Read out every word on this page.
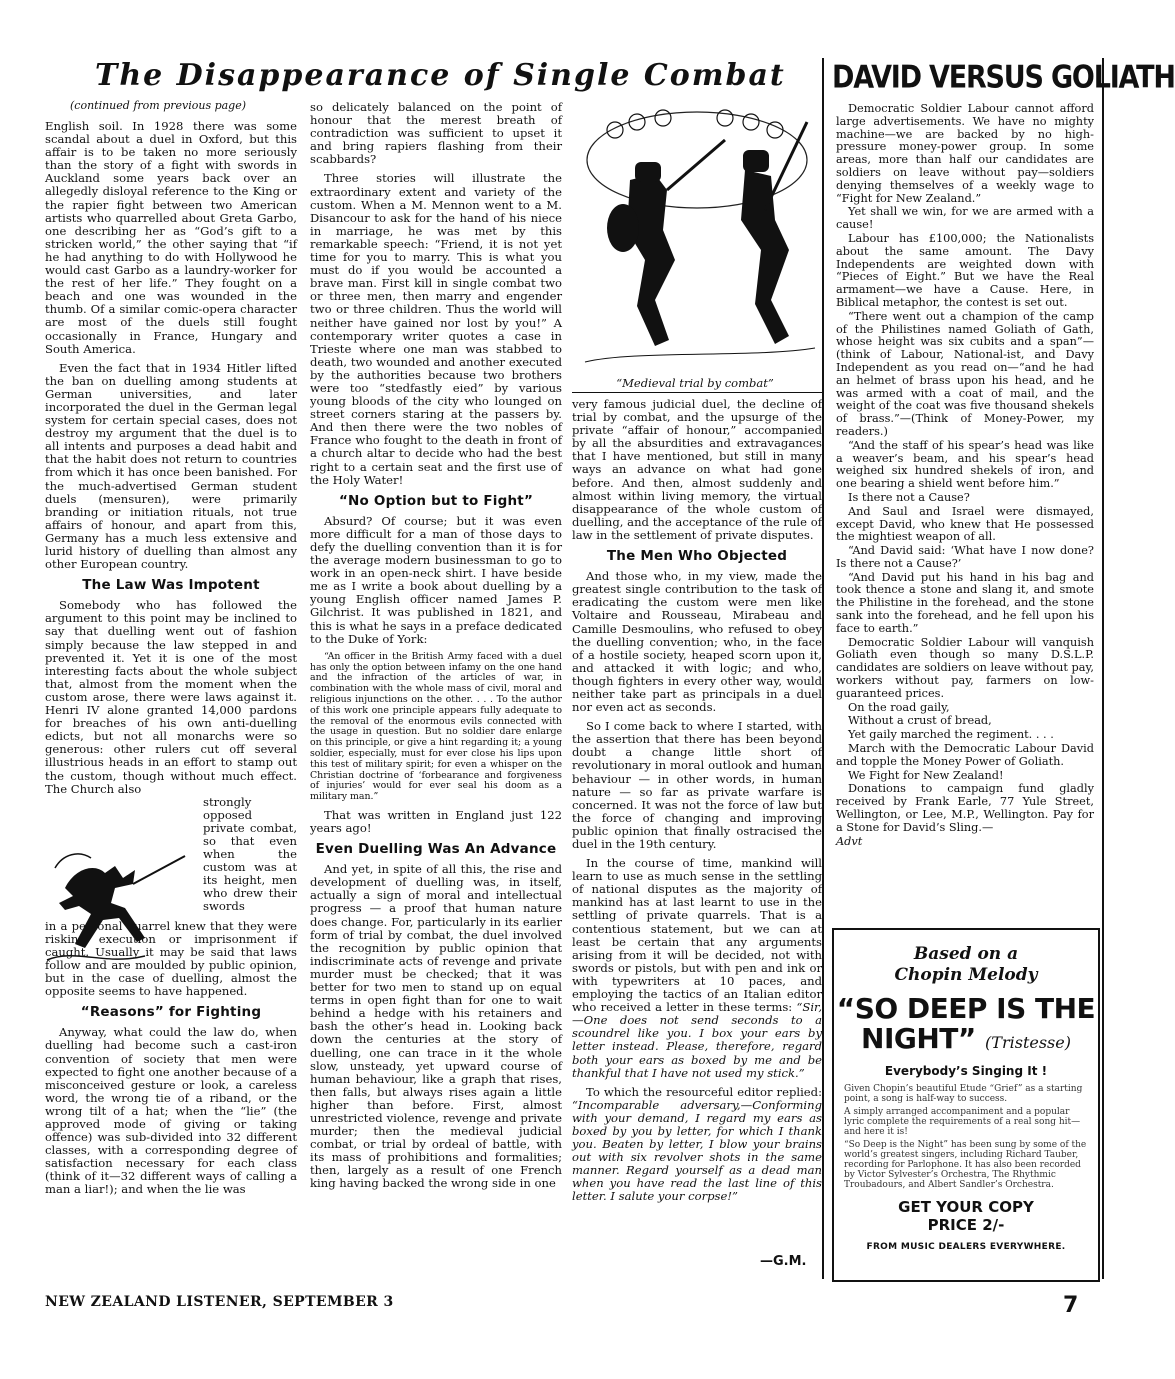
The Disappearance of Single Combat
(continued from previous page)

English soil. In 1928 there was some scandal about a duel in Oxford, but this affair is to be taken no more seriously than the story of a fight with swords in Auckland some years back over an allegedly disloyal reference to the King or the rapier fight between two American artists who quarrelled about Greta Garbo, one describing her as “God’s gift to a stricken world,” the other saying that “if he had anything to do with Hollywood he would cast Garbo as a laundry-worker for the rest of her life.” They fought on a beach and one was wounded in the thumb. Of a similar comic-opera character are most of the duels still fought occasionally in France, Hungary and South America.

Even the fact that in 1934 Hitler lifted the ban on duelling among students at German universities, and later incorporated the duel in the German legal system for certain special cases, does not destroy my argument that the duel is to all intents and purposes a dead habit and that the habit does not return to countries from which it has once been banished. For the much-advertised German student duels (mensuren), were primarily branding or initiation rituals, not true affairs of honour, and apart from this, Germany has a much less extensive and lurid history of duelling than almost any other European country.

The Law Was Impotent

Somebody who has followed the argument to this point may be inclined to say that duelling went out of fashion simply because the law stepped in and prevented it. Yet it is one of the most interesting facts about the whole subject that, almost from the moment when the custom arose, there were laws against it. Henri IV alone granted 14,000 pardons for breaches of his own anti-duelling edicts, but not all monarchs were so generous: other rulers cut off several illustrious heads in an effort to stamp out the custom, though without much effect. The Church also

strongly opposed private combat, so that even when the custom was at its height, men who drew their swords

in a personal quarrel knew that they were risking execution or imprisonment if caught. Usually it may be said that laws follow and are moulded by public opinion, but in the case of duelling, almost the opposite seems to have happened.

“Reasons” for Fighting

Anyway, what could the law do, when duelling had become such a cast-iron convention of society that men were expected to fight one another because of a misconceived gesture or look, a careless word, the wrong tie of a riband, or the wrong tilt of a hat; when the “lie” (the approved mode of giving or taking offence) was sub-divided into 32 different classes, with a corresponding degree of satisfaction necessary for each class (think of it—32 different ways of calling a man a liar!); and when the lie was

so delicately balanced on the point of honour that the merest breath of contradiction was sufficient to upset it and bring rapiers flashing from their scabbards?

Three stories will illustrate the extraordinary extent and variety of the custom. When a M. Mennon went to a M. Disancour to ask for the hand of his niece in marriage, he was met by this remarkable speech: “Friend, it is not yet time for you to marry. This is what you must do if you would be accounted a brave man. First kill in single combat two or three men, then marry and engender two or three children. Thus the world will neither have gained nor lost by you!” A contemporary writer quotes a case in Trieste where one man was stabbed to death, two wounded and another executed by the authorities because two brothers were too “stedfastly eied” by various young bloods of the city who lounged on street corners staring at the passers by. And then there were the two nobles of France who fought to the death in front of a church altar to decide who had the best right to a certain seat and the first use of the Holy Water!

“No Option but to Fight”

Absurd? Of course; but it was even more difficult for a man of those days to defy the duelling convention than it is for the average modern businessman to go to work in an open-neck shirt. I have beside me as I write a book about duelling by a young English officer named James P. Gilchrist. It was published in 1821, and this is what he says in a preface dedicated to the Duke of York:

“An officer in the British Army faced with a duel has only the option between infamy on the one hand and the infraction of the articles of war, in combination with the whole mass of civil, moral and religious injunctions on the other. . . . To the author of this work one principle appears fully adequate to the removal of the enormous evils connected with the usage in question. But no soldier dare enlarge on this principle, or give a hint regarding it; a young soldier, especially, must for ever close his lips upon this test of military spirit; for even a whisper on the Christian doctrine of ‘forbearance and forgiveness of injuries’ would for ever seal his doom as a military man.”

That was written in England just 122 years ago!

Even Duelling Was An Advance

And yet, in spite of all this, the rise and development of duelling was, in itself, actually a sign of moral and intellectual progress — a proof that human nature does change. For, particularly in its earlier form of trial by combat, the duel involved the recognition by public opinion that indiscriminate acts of revenge and private murder must be checked; that it was better for two men to stand up on equal terms in open fight than for one to wait behind a hedge with his retainers and bash the other’s head in. Looking back down the centuries at the story of duelling, one can trace in it the whole slow, unsteady, yet upward course of human behaviour, like a graph that rises, then falls, but always rises again a little higher than before. First, almost unrestricted violence, revenge and private murder; then the medieval judicial combat, or trial by ordeal of battle, with its mass of prohibitions and formalities; then, largely as a result of one French king having backed the wrong side in one

“Medieval trial by combat”

very famous judicial duel, the decline of trial by combat, and the upsurge of the private “affair of honour,” accompanied by all the absurdities and extravagances that I have mentioned, but still in many ways an advance on what had gone before. And then, almost suddenly and almost within living memory, the virtual disappearance of the whole custom of duelling, and the acceptance of the rule of law in the settlement of private disputes.

The Men Who Objected

And those who, in my view, made the greatest single contribution to the task of eradicating the custom were men like Voltaire and Rousseau, Mirabeau and Camille Desmoulins, who refused to obey the duelling convention; who, in the face of a hostile society, heaped scorn upon it, and attacked it with logic; and who, though fighters in every other way, would neither take part as principals in a duel nor even act as seconds.

So I come back to where I started, with the assertion that there has been beyond doubt a change little short of revolutionary in moral outlook and human behaviour — in other words, in human nature — so far as private warfare is concerned. It was not the force of law but the force of changing and improving public opinion that finally ostracised the duel in the 19th century.

In the course of time, mankind will learn to use as much sense in the settling of national disputes as the majority of mankind has at last learnt to use in the settling of private quarrels. That is a contentious statement, but we can at least be certain that any arguments arising from it will be decided, not with swords or pistols, but with pen and ink or with typewriters at 10 paces, and employing the tactics of an Italian editor who received a letter in these terms: “Sir,—One does not send seconds to a scoundrel like you. I box your ears by letter instead. Please, therefore, regard both your ears as boxed by me and be thankful that I have not used my stick.”

To which the resourceful editor replied: “Incomparable adversary,—Conforming with your demand, I regard my ears as boxed by you by letter, for which I thank you. Beaten by letter, I blow your brains out with six revolver shots in the same manner. Regard yourself as a dead man when you have read the last line of this letter. I salute your corpse!”

—G.M.
DAVID VERSUS GOLIATH

Democratic Soldier Labour cannot afford large advertisements. We have no mighty machine—we are backed by no high-pressure money-power group. In some areas, more than half our candidates are soldiers on leave without pay—soldiers denying themselves of a weekly wage to “Fight for New Zealand.”

Yet shall we win, for we are armed with a cause!

Labour has £100,000; the Nationalists about the same amount. The Davy Independents are weighted down with “Pieces of Eight.” But we have the Real armament—we have a Cause. Here, in Biblical metaphor, the contest is set out.

“There went out a champion of the camp of the Philistines named Goliath of Gath, whose height was six cubits and a span”—(think of Labour, National-ist, and Davy Independent as you read on—“and he had an helmet of brass upon his head, and he was armed with a coat of mail, and the weight of the coat was five thousand shekels of brass.”—(Think of Money-Power, my readers.)

“And the staff of his spear’s head was like a weaver’s beam, and his spear’s head weighed six hundred shekels of iron, and one bearing a shield went before him.”

Is there not a Cause?

And Saul and Israel were dismayed, except David, who knew that He possessed the mightiest weapon of all.

“And David said: ‘What have I now done? Is there not a Cause?’

“And David put his hand in his bag and took thence a stone and slang it, and smote the Philistine in the forehead, and the stone sank into the forehead, and he fell upon his face to earth.”

Democratic Soldier Labour will vanquish Goliath even though so many D.S.L.P. candidates are soldiers on leave without pay, workers without pay, farmers on low-guaranteed prices.

On the road gaily,

Without a crust of bread,

Yet gaily marched the regiment. . . .

March with the Democratic Labour David and topple the Money Power of Goliath.

We Fight for New Zealand!

Donations to campaign fund gladly received by Frank Earle, 77 Yule Street, Wellington, or Lee, M.P., Wellington. Pay for a Stone for David’s Sling.—

Advt

Based on a
Chopin Melody
“SO DEEP IS THE
NIGHT” (Tristesse)
Everybody’s Singing It !

Given Chopin’s beautiful Etude “Grief” as a starting point, a song is half-way to success.

A simply arranged accompaniment and a popular lyric complete the requirements of a real song hit—and here it is!

“So Deep is the Night” has been sung by some of the world’s greatest singers, including Richard Tauber, recording for Parlophone. It has also been recorded by Victor Sylvester’s Orchestra, The Rhythmic Troubadours, and Albert Sandler’s Orchestra.

GET YOUR COPY
PRICE 2/-
FROM MUSIC DEALERS EVERYWHERE.
NEW ZEALAND LISTENER, SEPTEMBER 3	7
